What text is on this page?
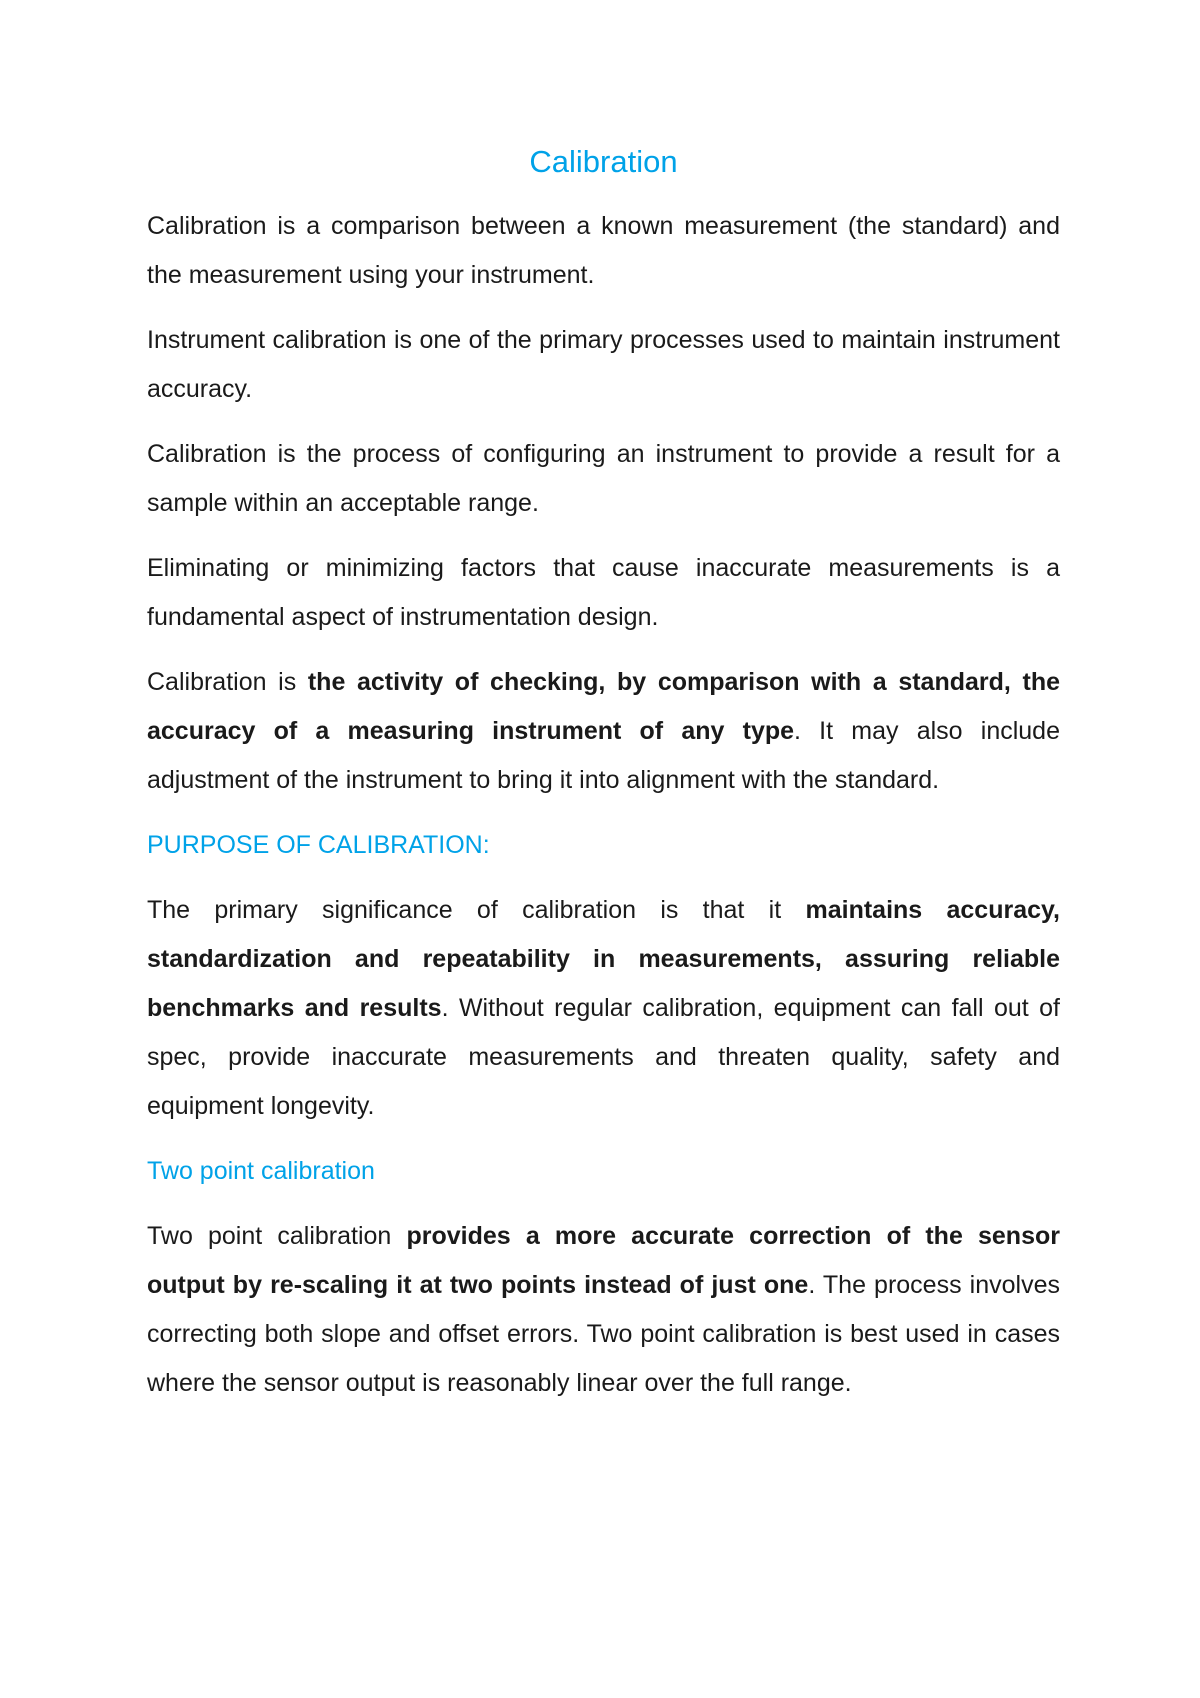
Calibration

Calibration is a comparison between a known measurement (the standard) and the measurement using your instrument.

Instrument calibration is one of the primary processes used to maintain instrument accuracy.

Calibration is the process of configuring an instrument to provide a result for a sample within an acceptable range.

Eliminating or minimizing factors that cause inaccurate measurements is a fundamental aspect of instrumentation design.

Calibration is the activity of checking, by comparison with a standard, the accuracy of a measuring instrument of any type. It may also include adjustment of the instrument to bring it into alignment with the standard.

PURPOSE OF CALIBRATION:

The primary significance of calibration is that it maintains accuracy, standardization and repeatability in measurements, assuring reliable benchmarks and results. Without regular calibration, equipment can fall out of spec, provide inaccurate measurements and threaten quality, safety and equipment longevity.

Two point calibration

Two point calibration provides a more accurate correction of the sensor output by re-scaling it at two points instead of just one. The process involves correcting both slope and offset errors. Two point calibration is best used in cases where the sensor output is reasonably linear over the full range.
